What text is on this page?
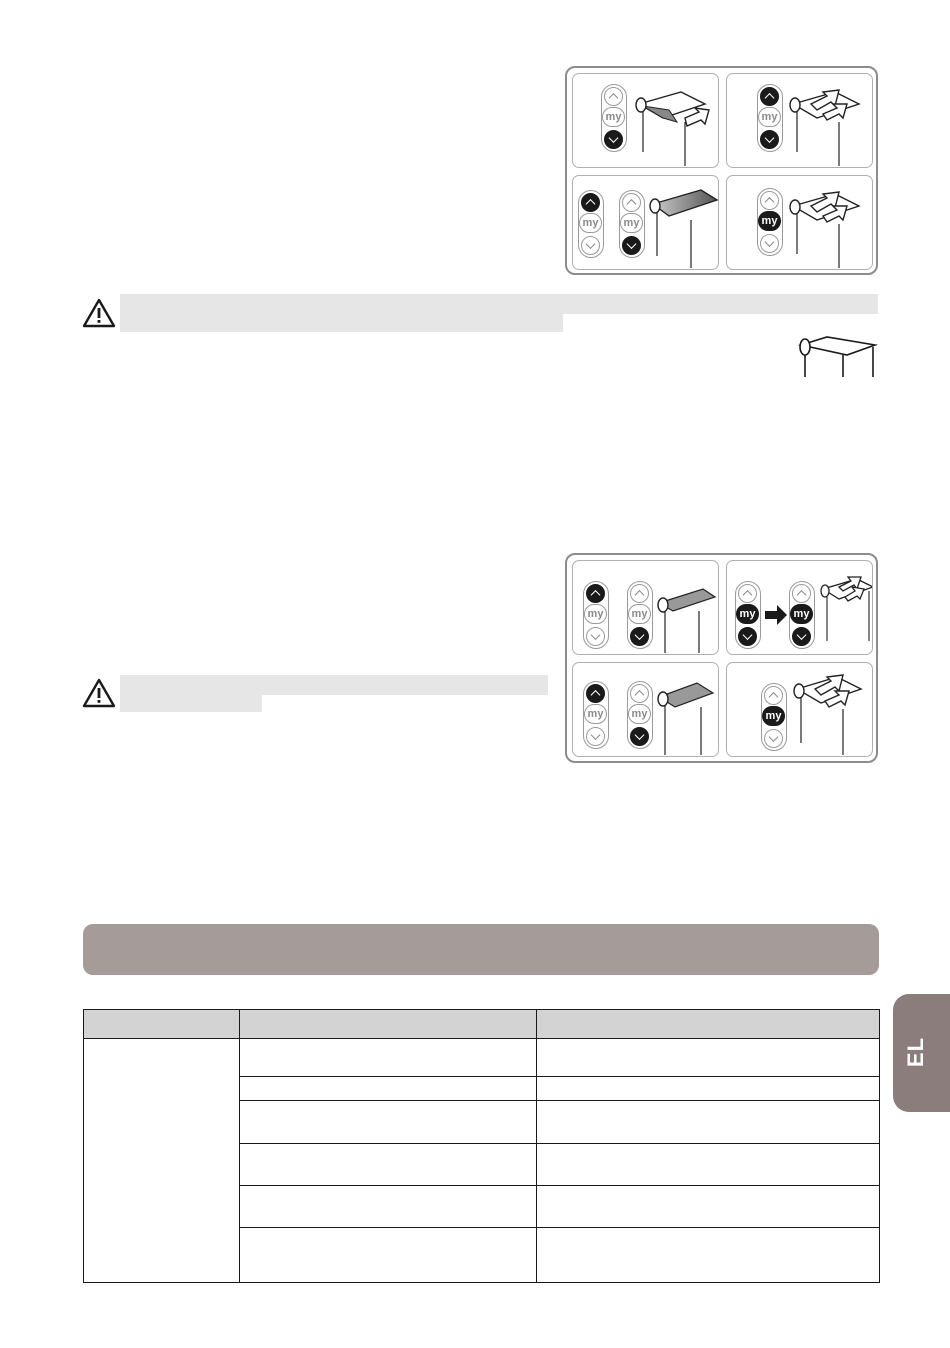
my	my
my	my	my
my	my	my	my
my	my	my
EL
